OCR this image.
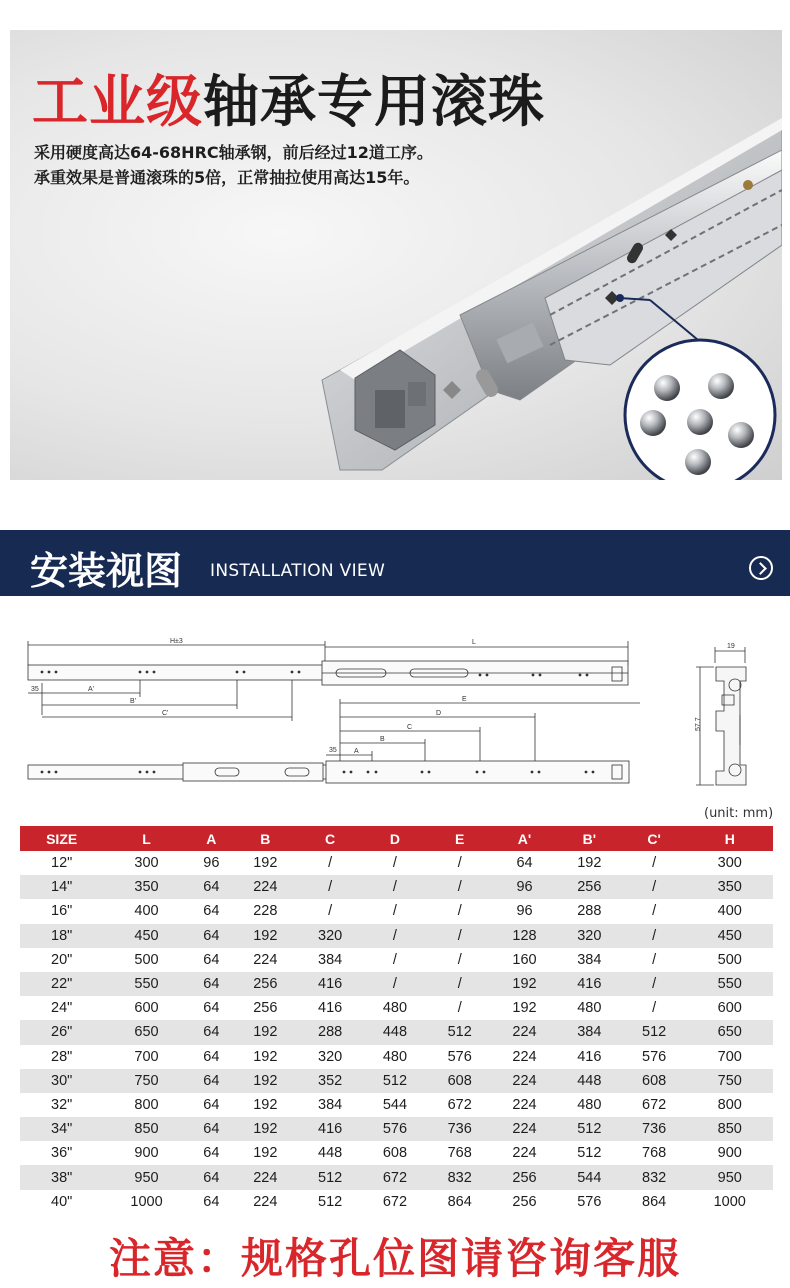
工业级轴承专用滚珠
采用硬度高达64-68HRC轴承钢，前后经过12道工序。
承重效果是普通滚珠的5倍，正常抽拉使用高达15年。
安装视图 INSTALLATION VIEW
H±3	L
35	A'
B'
C'
E
D
C
B
A
35
19
57.7
(unit: mm)
SIZE	L	A	B	C	D	E	A'	B'	C'	H
12"	300	96	192	/	/	/	64	192	/	300
14"	350	64	224	/	/	/	96	256	/	350
16"	400	64	228	/	/	/	96	288	/	400
18"	450	64	192	320	/	/	128	320	/	450
20"	500	64	224	384	/	/	160	384	/	500
22"	550	64	256	416	/	/	192	416	/	550
24"	600	64	256	416	480	/	192	480	/	600
26"	650	64	192	288	448	512	224	384	512	650
28"	700	64	192	320	480	576	224	416	576	700
30"	750	64	192	352	512	608	224	448	608	750
32"	800	64	192	384	544	672	224	480	672	800
34"	850	64	192	416	576	736	224	512	736	850
36"	900	64	192	448	608	768	224	512	768	900
38"	950	64	224	512	672	832	256	544	832	950
40"	1000	64	224	512	672	864	256	576	864	1000
注意：规格孔位图请咨询客服
